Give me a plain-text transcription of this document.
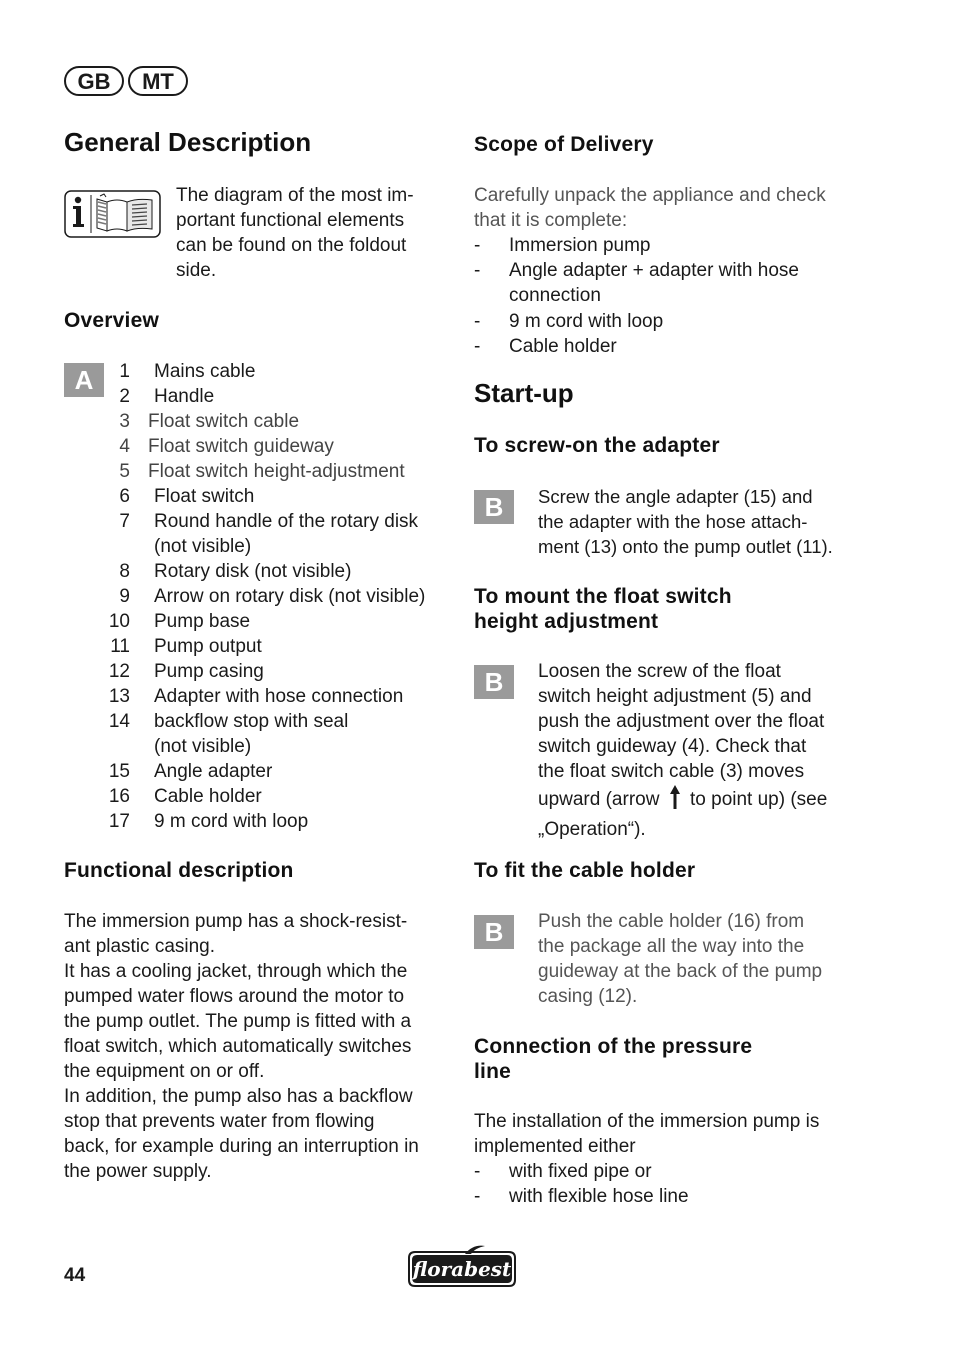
GB	MT
General Description
The diagram of the most im-
portant functional elements
can be found on the foldout
side.
Overview
A	1 Mains cable
2 Handle
3 Float switch cable
4 Float switch guideway
5 Float switch height-adjustment
6 Float switch
7 Round handle of the rotary disk
(not visible)
8 Rotary disk (not visible)
9 Arrow on rotary disk (not visible)
10 Pump base
11 Pump output
12 Pump casing
13 Adapter with hose connection
14 backflow stop with seal
(not visible)
15 Angle adapter
16 Cable holder
17 9 m cord with loop
Functional description
The immersion pump has a shock-resist-
ant plastic casing.
It has a cooling jacket, through which the
pumped water flows around the motor to
the pump outlet. The pump is fitted with a
float switch, which automatically switches
the equipment on or off.
In addition, the pump also has a backflow
stop that prevents water from flowing
back, for example during an interruption in
the power supply.
Scope of Delivery
Carefully unpack the appliance and check
that it is complete:
- Immersion pump
- Angle adapter + adapter with hose
connection
- 9 m cord with loop
- Cable holder
Start-up
To screw-on the adapter
B	Screw the angle adapter (15) and
the adapter with the hose attach-
ment (13) onto the pump outlet (11).
To mount the float switch
height adjustment
B	Loosen the screw of the float
switch height adjustment (5) and
push the adjustment over the float
switch guideway (4). Check that
the float switch cable (3) moves
upward (arrow to point up) (see
„Operation“).
To fit the cable holder
B	Push the cable holder (16) from
the package all the way into the
guideway at the back of the pump
casing (12).
Connection of the pressure
line
The installation of the immersion pump is
implemented either
- with fixed pipe or
- with flexible hose line
44	florabest
